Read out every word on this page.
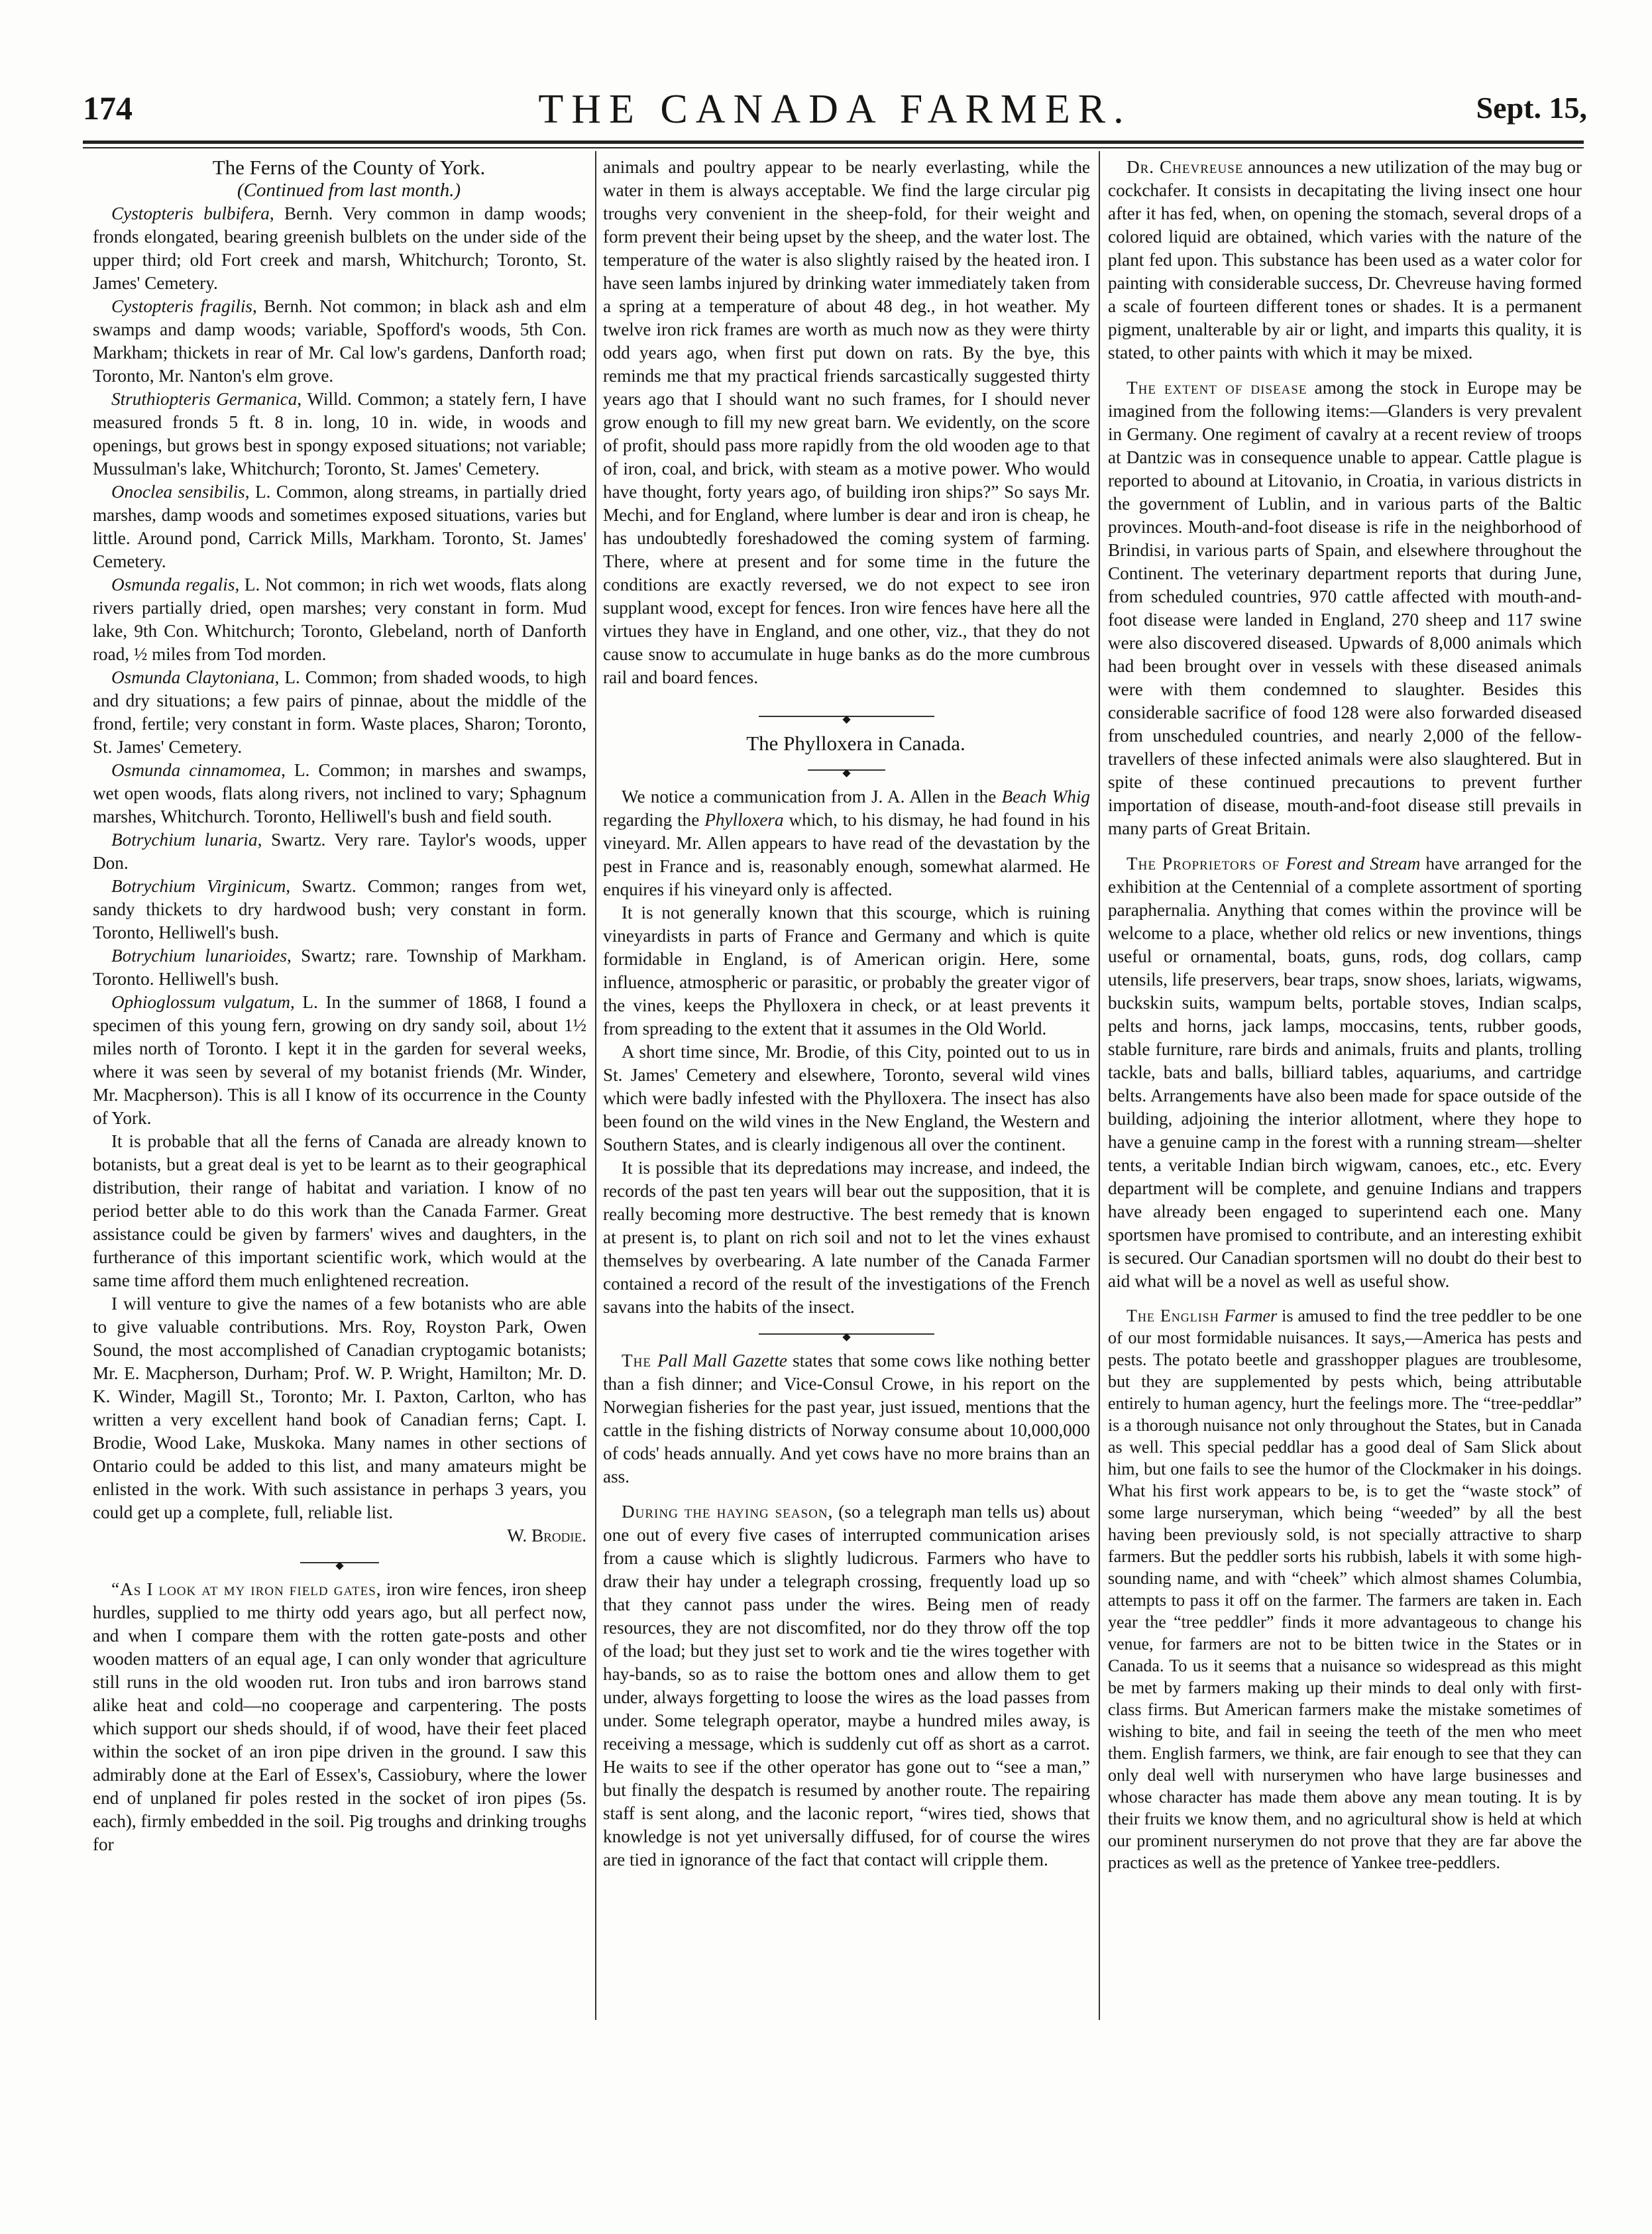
174	THE CANADA FARMER.	Sept. 15,

The Ferns of the County of York.

(Continued from last month.)

Cystopteris bulbifera, Bernh. Very common in damp woods; fronds elongated, bearing greenish bulblets on the under side of the upper third; old Fort creek and marsh, Whitchurch; Toronto, St. James' Cemetery.

Cystopteris fragilis, Bernh. Not common; in black ash and elm swamps and damp woods; variable, Spofford's woods, 5th Con. Markham; thickets in rear of Mr. Cal low's gardens, Danforth road; Toronto, Mr. Nanton's elm grove.

Struthiopteris Germanica, Willd. Common; a stately fern, I have measured fronds 5 ft. 8 in. long, 10 in. wide, in woods and openings, but grows best in spongy exposed situations; not variable; Mussulman's lake, Whitchurch; Toronto, St. James' Cemetery.

Onoclea sensibilis, L. Common, along streams, in partially dried marshes, damp woods and sometimes exposed situations, varies but little. Around pond, Carrick Mills, Markham. Toronto, St. James' Cemetery.

Osmunda regalis, L. Not common; in rich wet woods, flats along rivers partially dried, open marshes; very constant in form. Mud lake, 9th Con. Whitchurch; Toronto, Glebeland, north of Danforth road, ½ miles from Tod morden.

Osmunda Claytoniana, L. Common; from shaded woods, to high and dry situations; a few pairs of pinnae, about the middle of the frond, fertile; very constant in form. Waste places, Sharon; Toronto, St. James' Cemetery.

Osmunda cinnamomea, L. Common; in marshes and swamps, wet open woods, flats along rivers, not inclined to vary; Sphagnum marshes, Whitchurch. Toronto, Helliwell's bush and field south.

Botrychium lunaria, Swartz. Very rare. Taylor's woods, upper Don.

Botrychium Virginicum, Swartz. Common; ranges from wet, sandy thickets to dry hardwood bush; very constant in form. Toronto, Helliwell's bush.

Botrychium lunarioides, Swartz; rare. Township of Markham. Toronto. Helliwell's bush.

Ophioglossum vulgatum, L. In the summer of 1868, I found a specimen of this young fern, growing on dry sandy soil, about 1½ miles north of Toronto. I kept it in the garden for several weeks, where it was seen by several of my botanist friends (Mr. Winder, Mr. Macpherson). This is all I know of its occurrence in the County of York.

It is probable that all the ferns of Canada are already known to botanists, but a great deal is yet to be learnt as to their geographical distribution, their range of habitat and variation. I know of no period better able to do this work than the Canada Farmer. Great assistance could be given by farmers' wives and daughters, in the furtherance of this important scientific work, which would at the same time afford them much enlightened recreation.

I will venture to give the names of a few botanists who are able to give valuable contributions. Mrs. Roy, Royston Park, Owen Sound, the most accomplished of Canadian cryptogamic botanists; Mr. E. Macpherson, Durham; Prof. W. P. Wright, Hamilton; Mr. D. K. Winder, Magill St., Toronto; Mr. I. Paxton, Carlton, who has written a very excellent hand book of Canadian ferns; Capt. I. Brodie, Wood Lake, Muskoka. Many names in other sections of Ontario could be added to this list, and many amateurs might be enlisted in the work. With such assistance in perhaps 3 years, you could get up a complete, full, reliable list.

W. Brodie.

◆

“As I look at my iron field gates, iron wire fences, iron sheep hurdles, supplied to me thirty odd years ago, but all perfect now, and when I compare them with the rotten gate-posts and other wooden matters of an equal age, I can only wonder that agriculture still runs in the old wooden rut. Iron tubs and iron barrows stand alike heat and cold—no cooperage and carpentering. The posts which support our sheds should, if of wood, have their feet placed within the socket of an iron pipe driven in the ground. I saw this admirably done at the Earl of Essex's, Cassiobury, where the lower end of unplaned fir poles rested in the socket of iron pipes (5s. each), firmly embedded in the soil. Pig troughs and drinking troughs for

animals and poultry appear to be nearly everlasting, while the water in them is always acceptable. We find the large circular pig troughs very convenient in the sheep-fold, for their weight and form prevent their being upset by the sheep, and the water lost. The temperature of the water is also slightly raised by the heated iron. I have seen lambs injured by drinking water immediately taken from a spring at a temperature of about 48 deg., in hot weather. My twelve iron rick frames are worth as much now as they were thirty odd years ago, when first put down on rats. By the bye, this reminds me that my practical friends sarcastically suggested thirty years ago that I should want no such frames, for I should never grow enough to fill my new great barn. We evidently, on the score of profit, should pass more rapidly from the old wooden age to that of iron, coal, and brick, with steam as a motive power. Who would have thought, forty years ago, of building iron ships?” So says Mr. Mechi, and for England, where lumber is dear and iron is cheap, he has undoubtedly foreshadowed the coming system of farming. There, where at present and for some time in the future the conditions are exactly reversed, we do not expect to see iron supplant wood, except for fences. Iron wire fences have here all the virtues they have in England, and one other, viz., that they do not cause snow to accumulate in huge banks as do the more cumbrous rail and board fences.

◆

The Phylloxera in Canada.

◆

We notice a communication from J. A. Allen in the Beach Whig regarding the Phylloxera which, to his dismay, he had found in his vineyard. Mr. Allen appears to have read of the devastation by the pest in France and is, reasonably enough, somewhat alarmed. He enquires if his vineyard only is affected.

It is not generally known that this scourge, which is ruining vineyardists in parts of France and Germany and which is quite formidable in England, is of American origin. Here, some influence, atmospheric or parasitic, or probably the greater vigor of the vines, keeps the Phylloxera in check, or at least prevents it from spreading to the extent that it assumes in the Old World.

A short time since, Mr. Brodie, of this City, pointed out to us in St. James' Cemetery and elsewhere, Toronto, several wild vines which were badly infested with the Phylloxera. The insect has also been found on the wild vines in the New England, the Western and Southern States, and is clearly indigenous all over the continent.

It is possible that its depredations may increase, and indeed, the records of the past ten years will bear out the supposition, that it is really becoming more destructive. The best remedy that is known at present is, to plant on rich soil and not to let the vines exhaust themselves by overbearing. A late number of the Canada Farmer contained a record of the result of the investigations of the French savans into the habits of the insect.

◆

The Pall Mall Gazette states that some cows like nothing better than a fish dinner; and Vice-Consul Crowe, in his report on the Norwegian fisheries for the past year, just issued, mentions that the cattle in the fishing districts of Norway consume about 10,000,000 of cods' heads annually. And yet cows have no more brains than an ass.

During the haying season, (so a telegraph man tells us) about one out of every five cases of interrupted communication arises from a cause which is slightly ludicrous. Farmers who have to draw their hay under a telegraph crossing, frequently load up so that they cannot pass under the wires. Being men of ready resources, they are not discomfited, nor do they throw off the top of the load; but they just set to work and tie the wires together with hay-bands, so as to raise the bottom ones and allow them to get under, always forgetting to loose the wires as the load passes from under. Some telegraph operator, maybe a hundred miles away, is receiving a message, which is suddenly cut off as short as a carrot. He waits to see if the other operator has gone out to “see a man,” but finally the despatch is resumed by another route. The repairing staff is sent along, and the laconic report, “wires tied, shows that knowledge is not yet universally diffused, for of course the wires are tied in ignorance of the fact that contact will cripple them.

Dr. Chevreuse announces a new utilization of the may bug or cockchafer. It consists in decapitating the living insect one hour after it has fed, when, on opening the stomach, several drops of a colored liquid are obtained, which varies with the nature of the plant fed upon. This substance has been used as a water color for painting with considerable success, Dr. Chevreuse having formed a scale of fourteen different tones or shades. It is a permanent pigment, unalterable by air or light, and imparts this quality, it is stated, to other paints with which it may be mixed.

The extent of disease among the stock in Europe may be imagined from the following items:—Glanders is very prevalent in Germany. One regiment of cavalry at a recent review of troops at Dantzic was in consequence unable to appear. Cattle plague is reported to abound at Litovanio, in Croatia, in various districts in the government of Lublin, and in various parts of the Baltic provinces. Mouth-and-foot disease is rife in the neighborhood of Brindisi, in various parts of Spain, and elsewhere throughout the Continent. The veterinary department reports that during June, from scheduled countries, 970 cattle affected with mouth-and-foot disease were landed in England, 270 sheep and 117 swine were also discovered diseased. Upwards of 8,000 animals which had been brought over in vessels with these diseased animals were with them condemned to slaughter. Besides this considerable sacrifice of food 128 were also forwarded diseased from unscheduled countries, and nearly 2,000 of the fellow-travellers of these infected animals were also slaughtered. But in spite of these continued precautions to prevent further importation of disease, mouth-and-foot disease still prevails in many parts of Great Britain.

The Proprietors of Forest and Stream have arranged for the exhibition at the Centennial of a complete assortment of sporting paraphernalia. Anything that comes within the province will be welcome to a place, whether old relics or new inventions, things useful or ornamental, boats, guns, rods, dog collars, camp utensils, life preservers, bear traps, snow shoes, lariats, wigwams, buckskin suits, wampum belts, portable stoves, Indian scalps, pelts and horns, jack lamps, moccasins, tents, rubber goods, stable furniture, rare birds and animals, fruits and plants, trolling tackle, bats and balls, billiard tables, aquariums, and cartridge belts. Arrangements have also been made for space outside of the building, adjoining the interior allotment, where they hope to have a genuine camp in the forest with a running stream—shelter tents, a veritable Indian birch wigwam, canoes, etc., etc. Every department will be complete, and genuine Indians and trappers have already been engaged to superintend each one. Many sportsmen have promised to contribute, and an interesting exhibit is secured. Our Canadian sportsmen will no doubt do their best to aid what will be a novel as well as useful show.

The English Farmer is amused to find the tree peddler to be one of our most formidable nuisances. It says,—America has pests and pests. The potato beetle and grasshopper plagues are troublesome, but they are supplemented by pests which, being attributable entirely to human agency, hurt the feelings more. The “tree-peddlar” is a thorough nuisance not only throughout the States, but in Canada as well. This special peddlar has a good deal of Sam Slick about him, but one fails to see the humor of the Clockmaker in his doings. What his first work appears to be, is to get the “waste stock” of some large nurseryman, which being “weeded” by all the best having been previously sold, is not specially attractive to sharp farmers. But the peddler sorts his rubbish, labels it with some high-sounding name, and with “cheek” which almost shames Columbia, attempts to pass it off on the farmer. The farmers are taken in. Each year the “tree peddler” finds it more advantageous to change his venue, for farmers are not to be bitten twice in the States or in Canada. To us it seems that a nuisance so widespread as this might be met by farmers making up their minds to deal only with first-class firms. But American farmers make the mistake sometimes of wishing to bite, and fail in seeing the teeth of the men who meet them. English farmers, we think, are fair enough to see that they can only deal well with nurserymen who have large businesses and whose character has made them above any mean touting. It is by their fruits we know them, and no agricultural show is held at which our prominent nurserymen do not prove that they are far above the practices as well as the pretence of Yankee tree-peddlers.
